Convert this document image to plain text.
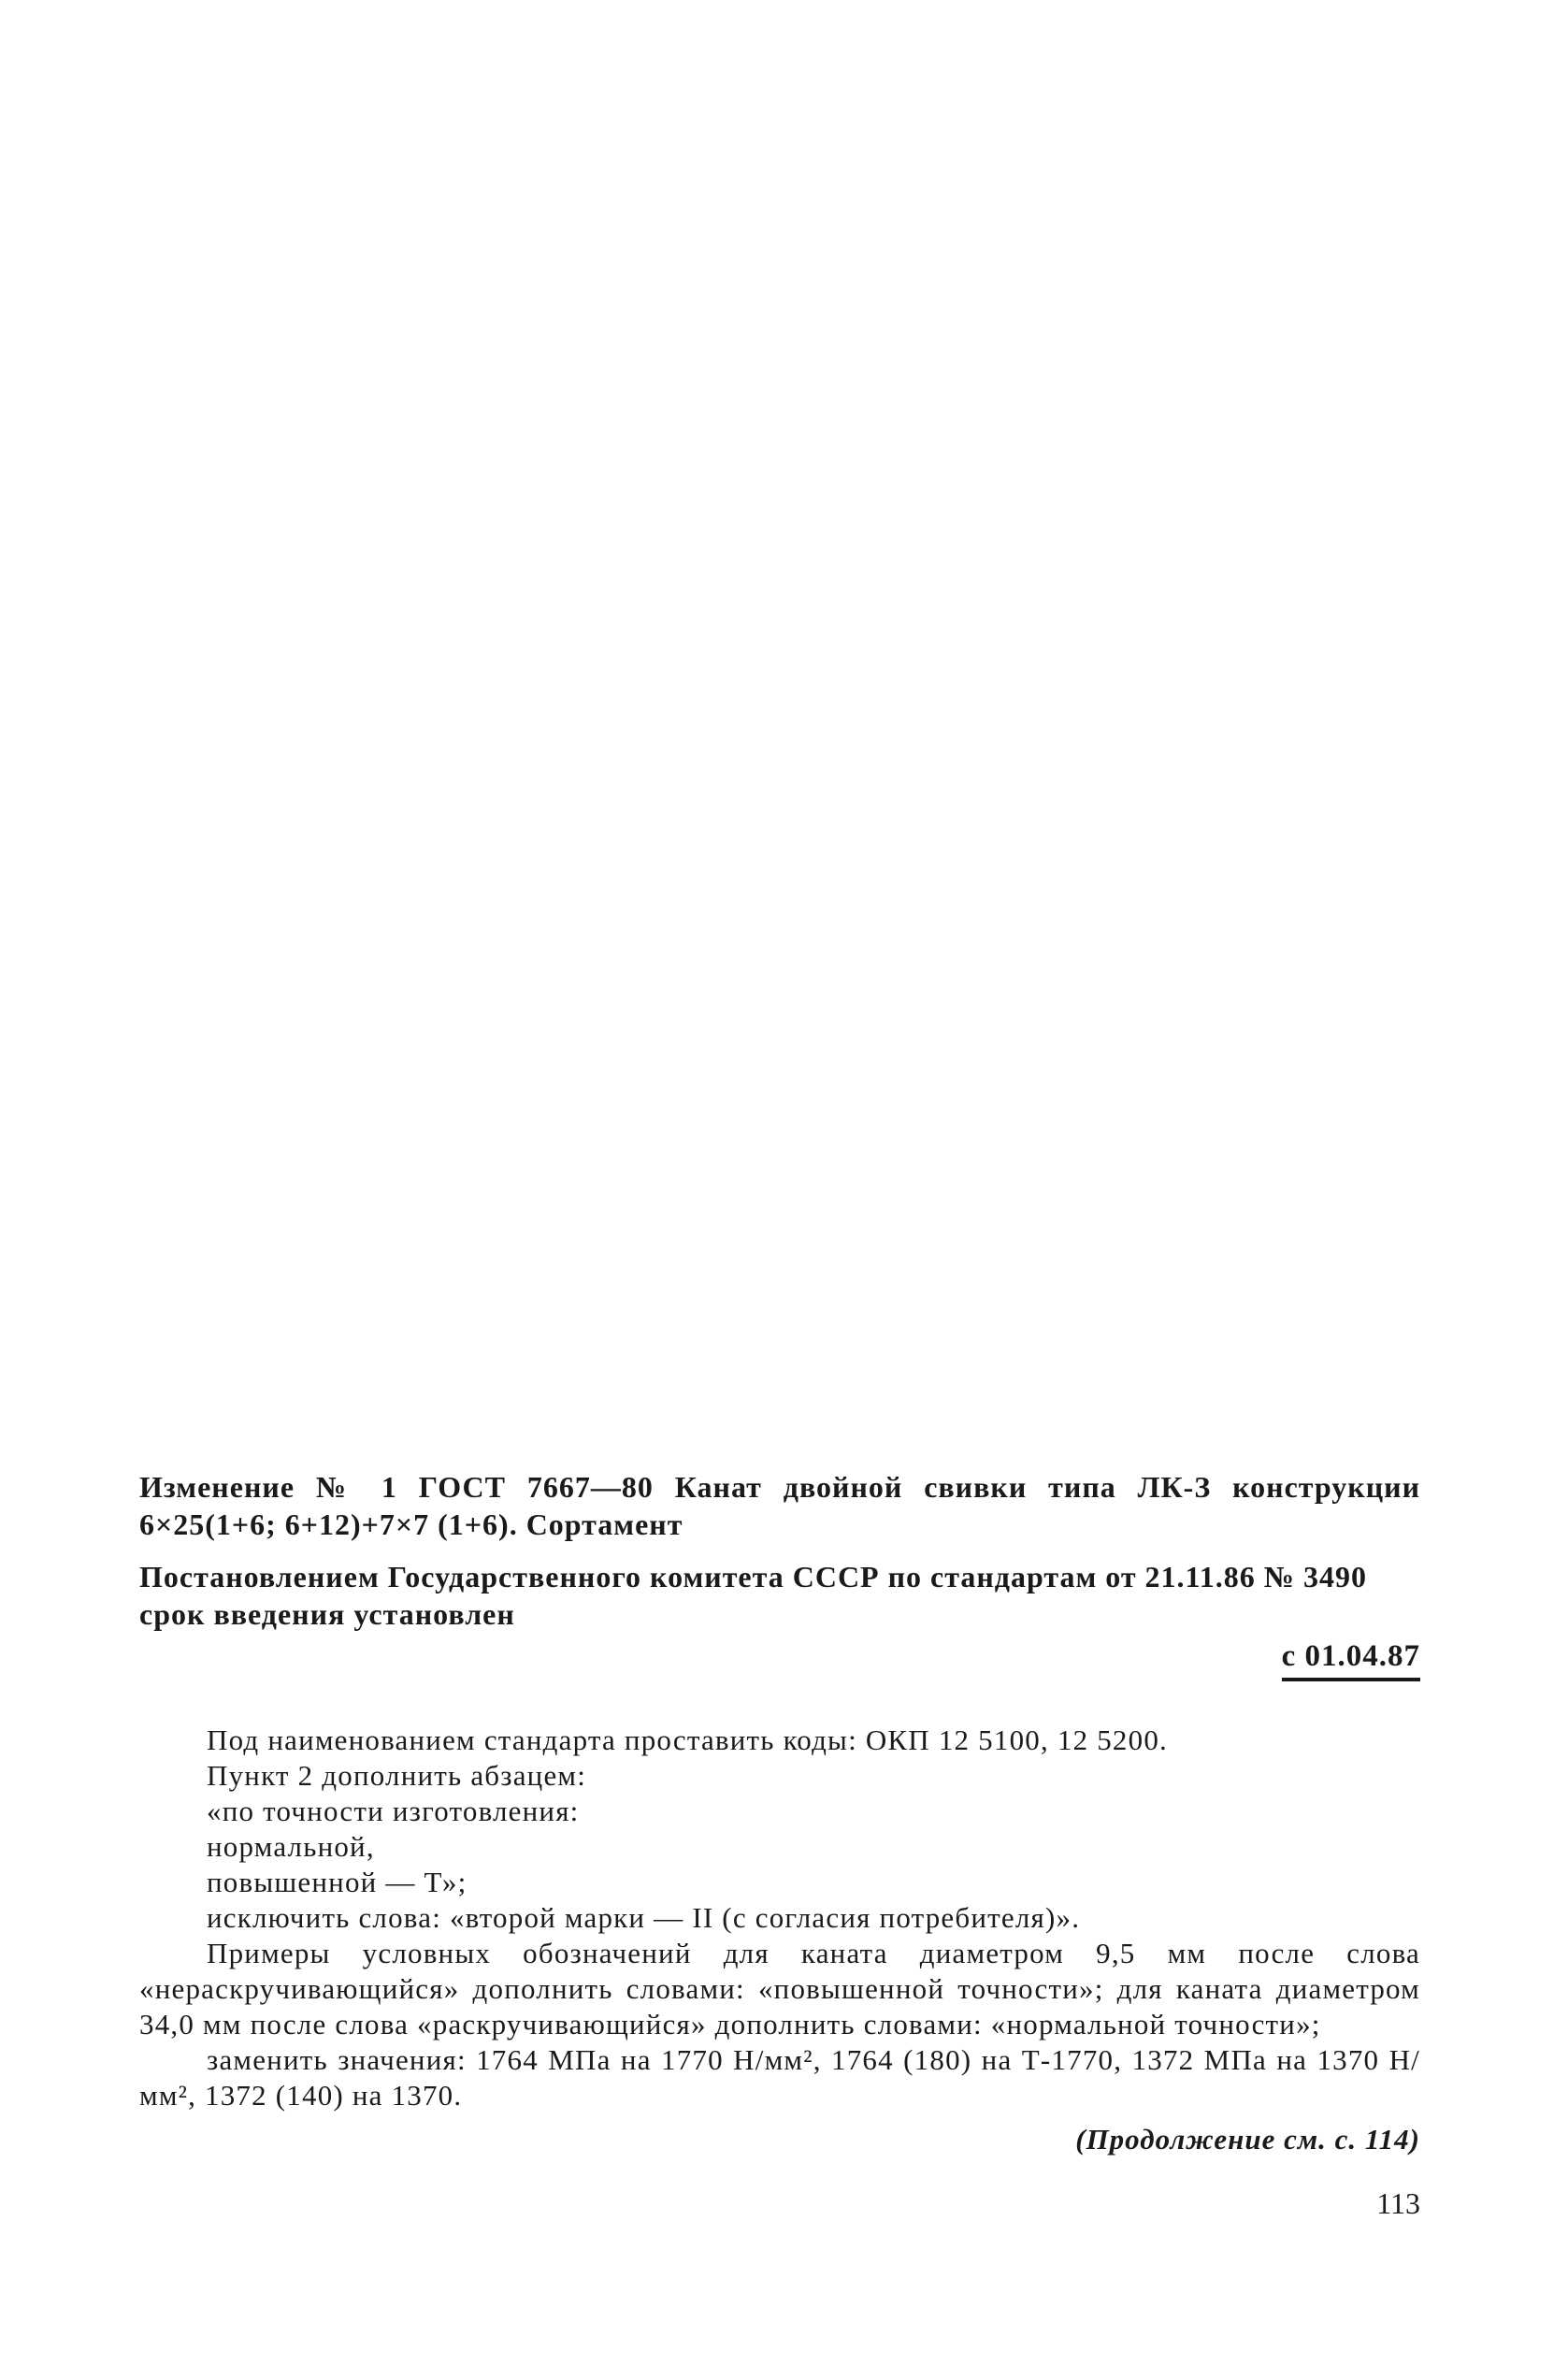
Изменение № 1 ГОСТ 7667—80 Канат двойной свивки типа ЛК-З конструкции 6×25(1+6; 6+12)+7×7 (1+6). Сортамент

Постановлением Государственного комитета СССР по стандартам от 21.11.86 № 3490 срок введения установлен

с 01.04.87

Под наименованием стандарта проставить коды: ОКП 12 5100, 12 5200.

Пункт 2 дополнить абзацем:

«по точности изготовления:

нормальной,

повышенной — Т»;

исключить слова: «второй марки — II (с согласия потребителя)».

Примеры условных обозначений для каната диаметром 9,5 мм после слова «нераскручивающийся» дополнить словами: «повышенной точности»; для каната диаметром 34,0 мм после слова «раскручивающийся» дополнить словами: «нормальной точности»;

заменить значения: 1764 МПа на 1770 Н/мм², 1764 (180) на Т-1770, 1372 МПа на 1370 Н/мм², 1372 (140) на 1370.

(Продолжение см. с. 114)
113
